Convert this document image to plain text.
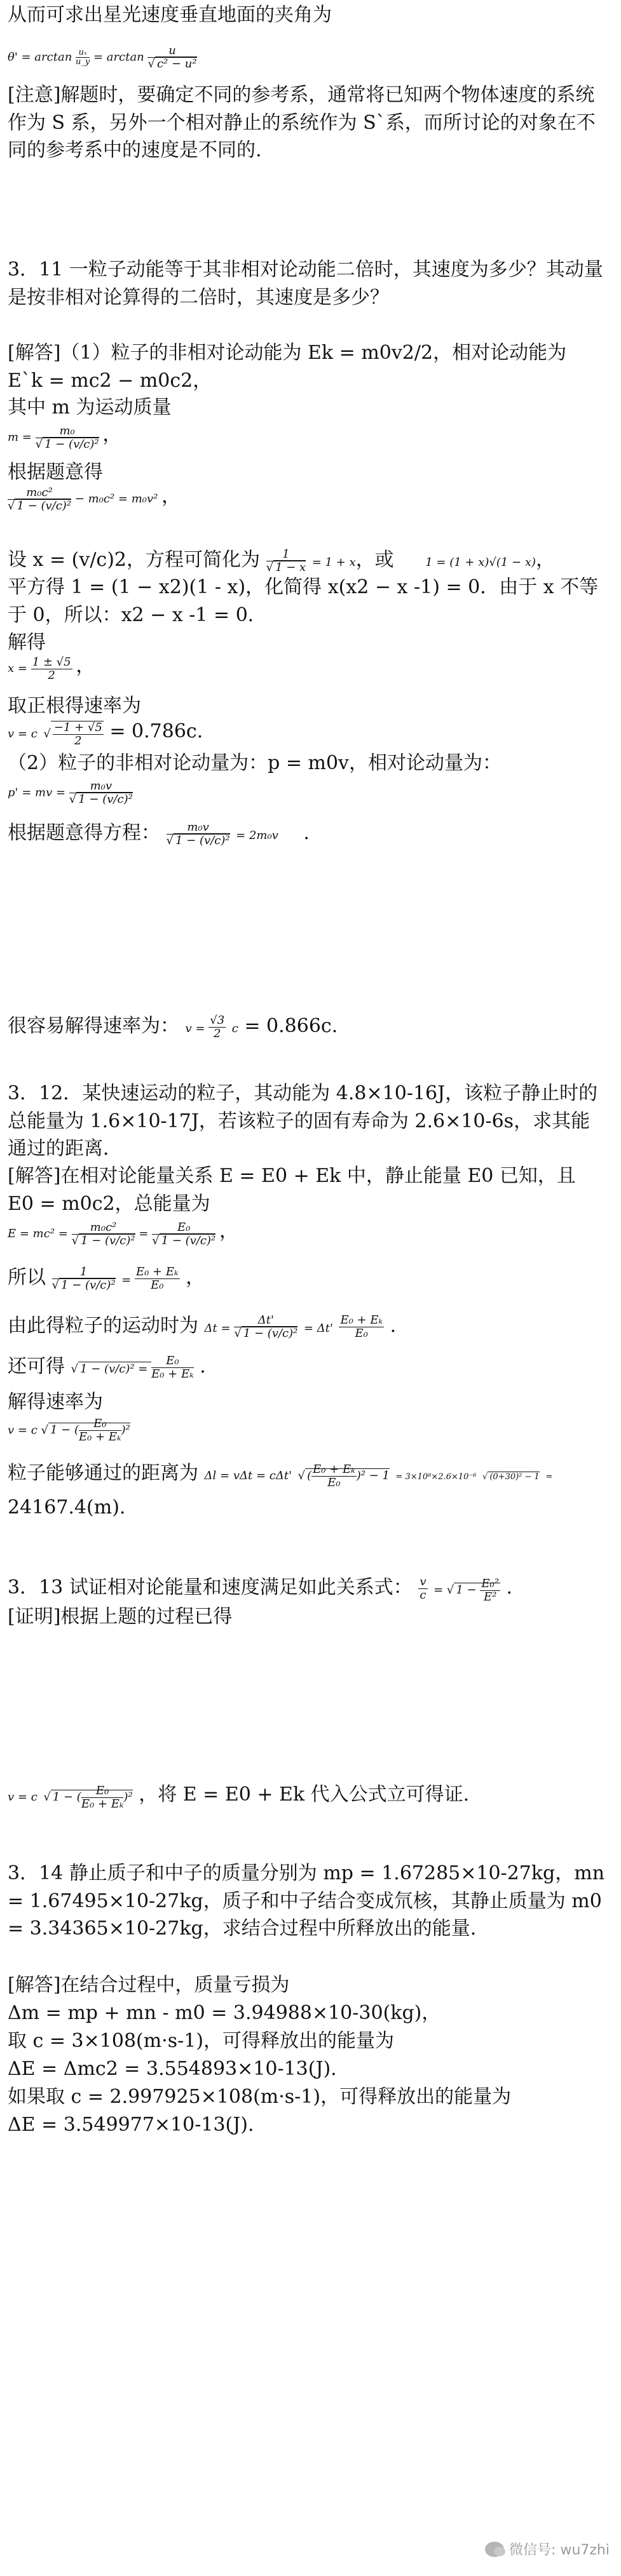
从而可求出星光速度垂直地面的夹角为

$\theta' = \arctan \frac{\text{uₓ}}{u\_y} = \arctan \frac{u}{\text{√ c² − u²}}$

[注意]解题时，要确定不同的参考系，通常将已知两个物体速度的系统作为 S 系，另外一个相对静止的系统作为 S`系，而所讨论的对象在不同的参考系中的速度是不同的.

3．11 一粒子动能等于其非相对论动能二倍时，其速度为多少？其动量是按非相对论算得的二倍时，其速度是多少？

[解答]（1）粒子的非相对论动能为 Ek = m0v2/2，相对论动能为 E`k = mc2 − m0c2，

其中 m 为运动质量

$m = \frac{\text{m₀}}{\text{√ 1 − (v/c)²}}$ ，

根据题意得

$\frac{\text{m₀c²}}{\text{√ 1 − (v/c)²}} - m_0c^2 = m_0v^2$ ，
设 x = (v/c)2，方程可简化为 $\frac{1}{√ 1 - x} = 1 + x$，或	1 = (1 + x)√(1 − x)，

平方得 1 = (1 − x2)(1 - x)，化简得 x(x2 − x -1) = 0．由于 x 不等于 0，所以：x2 − x -1 = 0．

解得

$x = \frac{1 \pm √5}{2}$ ，

取正根得速率为

v = c √ $\frac{-1 + √5}{2} = 0.786c$.

（2）粒子的非相对论动量为：p = m0v，相对论动量为：

p' = mv = $\frac{\text{m₀v}}{\text{√ 1 − (v/c)²}}$
根据题意得方程： $\frac{\text{m₀v}}{\text{√ 1 − (v/c)²}} = 2m_0v$ .
很容易解得速率为： $v = \frac{√3}{2}$ c = 0.866c.

3．12．某快速运动的粒子，其动能为 4.8×10-16J，该粒子静止时的总能量为 1.6×10-17J，若该粒子的固有寿命为 2.6×10-6s，求其能通过的距离．

[解答]在相对论能量关系 E = E0 + Ek 中，静止能量 E0 已知，且 E0 = m0c2，总能量为

$E = mc^2 = \frac{\text{m₀c²}}{\text{√ 1 − (v/c)²}} = \frac{\text{E₀}}{\text{√ 1 − (v/c)²}}$ ，
所以 $\frac{1}{\text{√ 1 − (v/c)²}} = \frac{\text{E₀ + Eₖ}}{\text{E₀}}$ ，
由此得粒子的运动时为 $\Delta t = \frac{\Delta t'}{\text{√ 1 − (v/c)²}} = \Delta t' \frac{\text{E₀ + Eₖ}}{\text{E₀}}$ .
还可得 √ $1 - (v/c)^2 = \frac{\text{E₀}}{\text{E₀ + Eₖ}}$ .

解得速率为

v = c √ 1 − ( $\frac{\text{E₀}}{\text{E₀ + Eₖ}} )^2$
粒子能够通过的距离为 Δl = vΔt = cΔt' √ ( $\frac{\text{E₀ + Eₖ}}{\text{E₀}} )^2 - 1 = 3\times 10^8\times 2.6\times 10^{-6}$ √ (0+30)² − 1 =

24167.4(m).

3．13 试证相对论能量和速度满足如此关系式： $\frac{v}{c}$ = √ $1 - \frac{\text{E₀²}}{\text{E²}}$ .

[证明]根据上题的过程已得

v = c √ 1 − ( $\frac{\text{E₀}}{\text{E₀ + Eₖ}} )^2$ ，将 E = E0 + Ek 代入公式立可得证.

3．14 静止质子和中子的质量分别为 mp = 1.67285×10-27kg，mn = 1.67495×10-27kg，质子和中子结合变成氘核，其静止质量为 m0 = 3.34365×10-27kg，求结合过程中所释放出的能量.

[解答]在结合过程中，质量亏损为

Δm = mp + mn - m0 = 3.94988×10-30(kg)，

取 c = 3×108(m·s-1)，可得释放出的能量为

ΔE = Δmc2 = 3.554893×10-13(J).

如果取 c = 2.997925×108(m·s-1)，可得释放出的能量为

ΔE = 3.549977×10-13(J).

微信号: wu7zhi
